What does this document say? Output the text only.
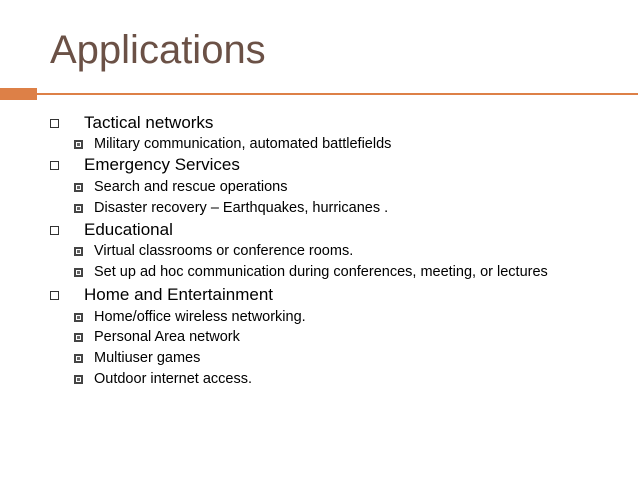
Applications
Tactical networks
Military communication, automated battlefields
Emergency Services
Search and rescue operations
Disaster recovery – Earthquakes, hurricanes .
Educational
Virtual classrooms or conference rooms.
Set up ad hoc communication during conferences, meeting, or lectures
Home and Entertainment
Home/office wireless networking.
Personal Area network
Multiuser games
Outdoor internet access.
